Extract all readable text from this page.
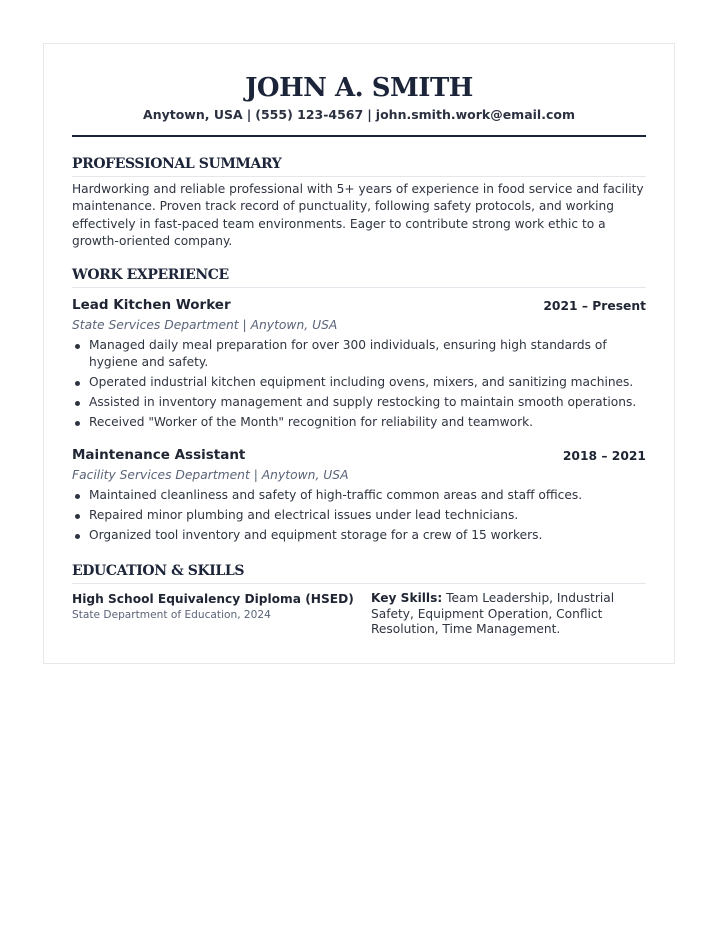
JOHN A. SMITH
Anytown, USA | (555) 123-4567 | john.smith.work@email.com
PROFESSIONAL SUMMARY
Hardworking and reliable professional with 5+ years of experience in food service and facility maintenance. Proven track record of punctuality, following safety protocols, and working effectively in fast-paced team environments. Eager to contribute strong work ethic to a growth-oriented company.
WORK EXPERIENCE
Lead Kitchen Worker	2021 – Present
State Services Department | Anytown, USA
Managed daily meal preparation for over 300 individuals, ensuring high standards of hygiene and safety.
Operated industrial kitchen equipment including ovens, mixers, and sanitizing machines.
Assisted in inventory management and supply restocking to maintain smooth operations.
Received "Worker of the Month" recognition for reliability and teamwork.
Maintenance Assistant	2018 – 2021
Facility Services Department | Anytown, USA
Maintained cleanliness and safety of high-traffic common areas and staff offices.
Repaired minor plumbing and electrical issues under lead technicians.
Organized tool inventory and equipment storage for a crew of 15 workers.
EDUCATION & SKILLS
High School Equivalency Diploma (HSED)
State Department of Education, 2024
Key Skills: Team Leadership, Industrial Safety, Equipment Operation, Conflict Resolution, Time Management.
